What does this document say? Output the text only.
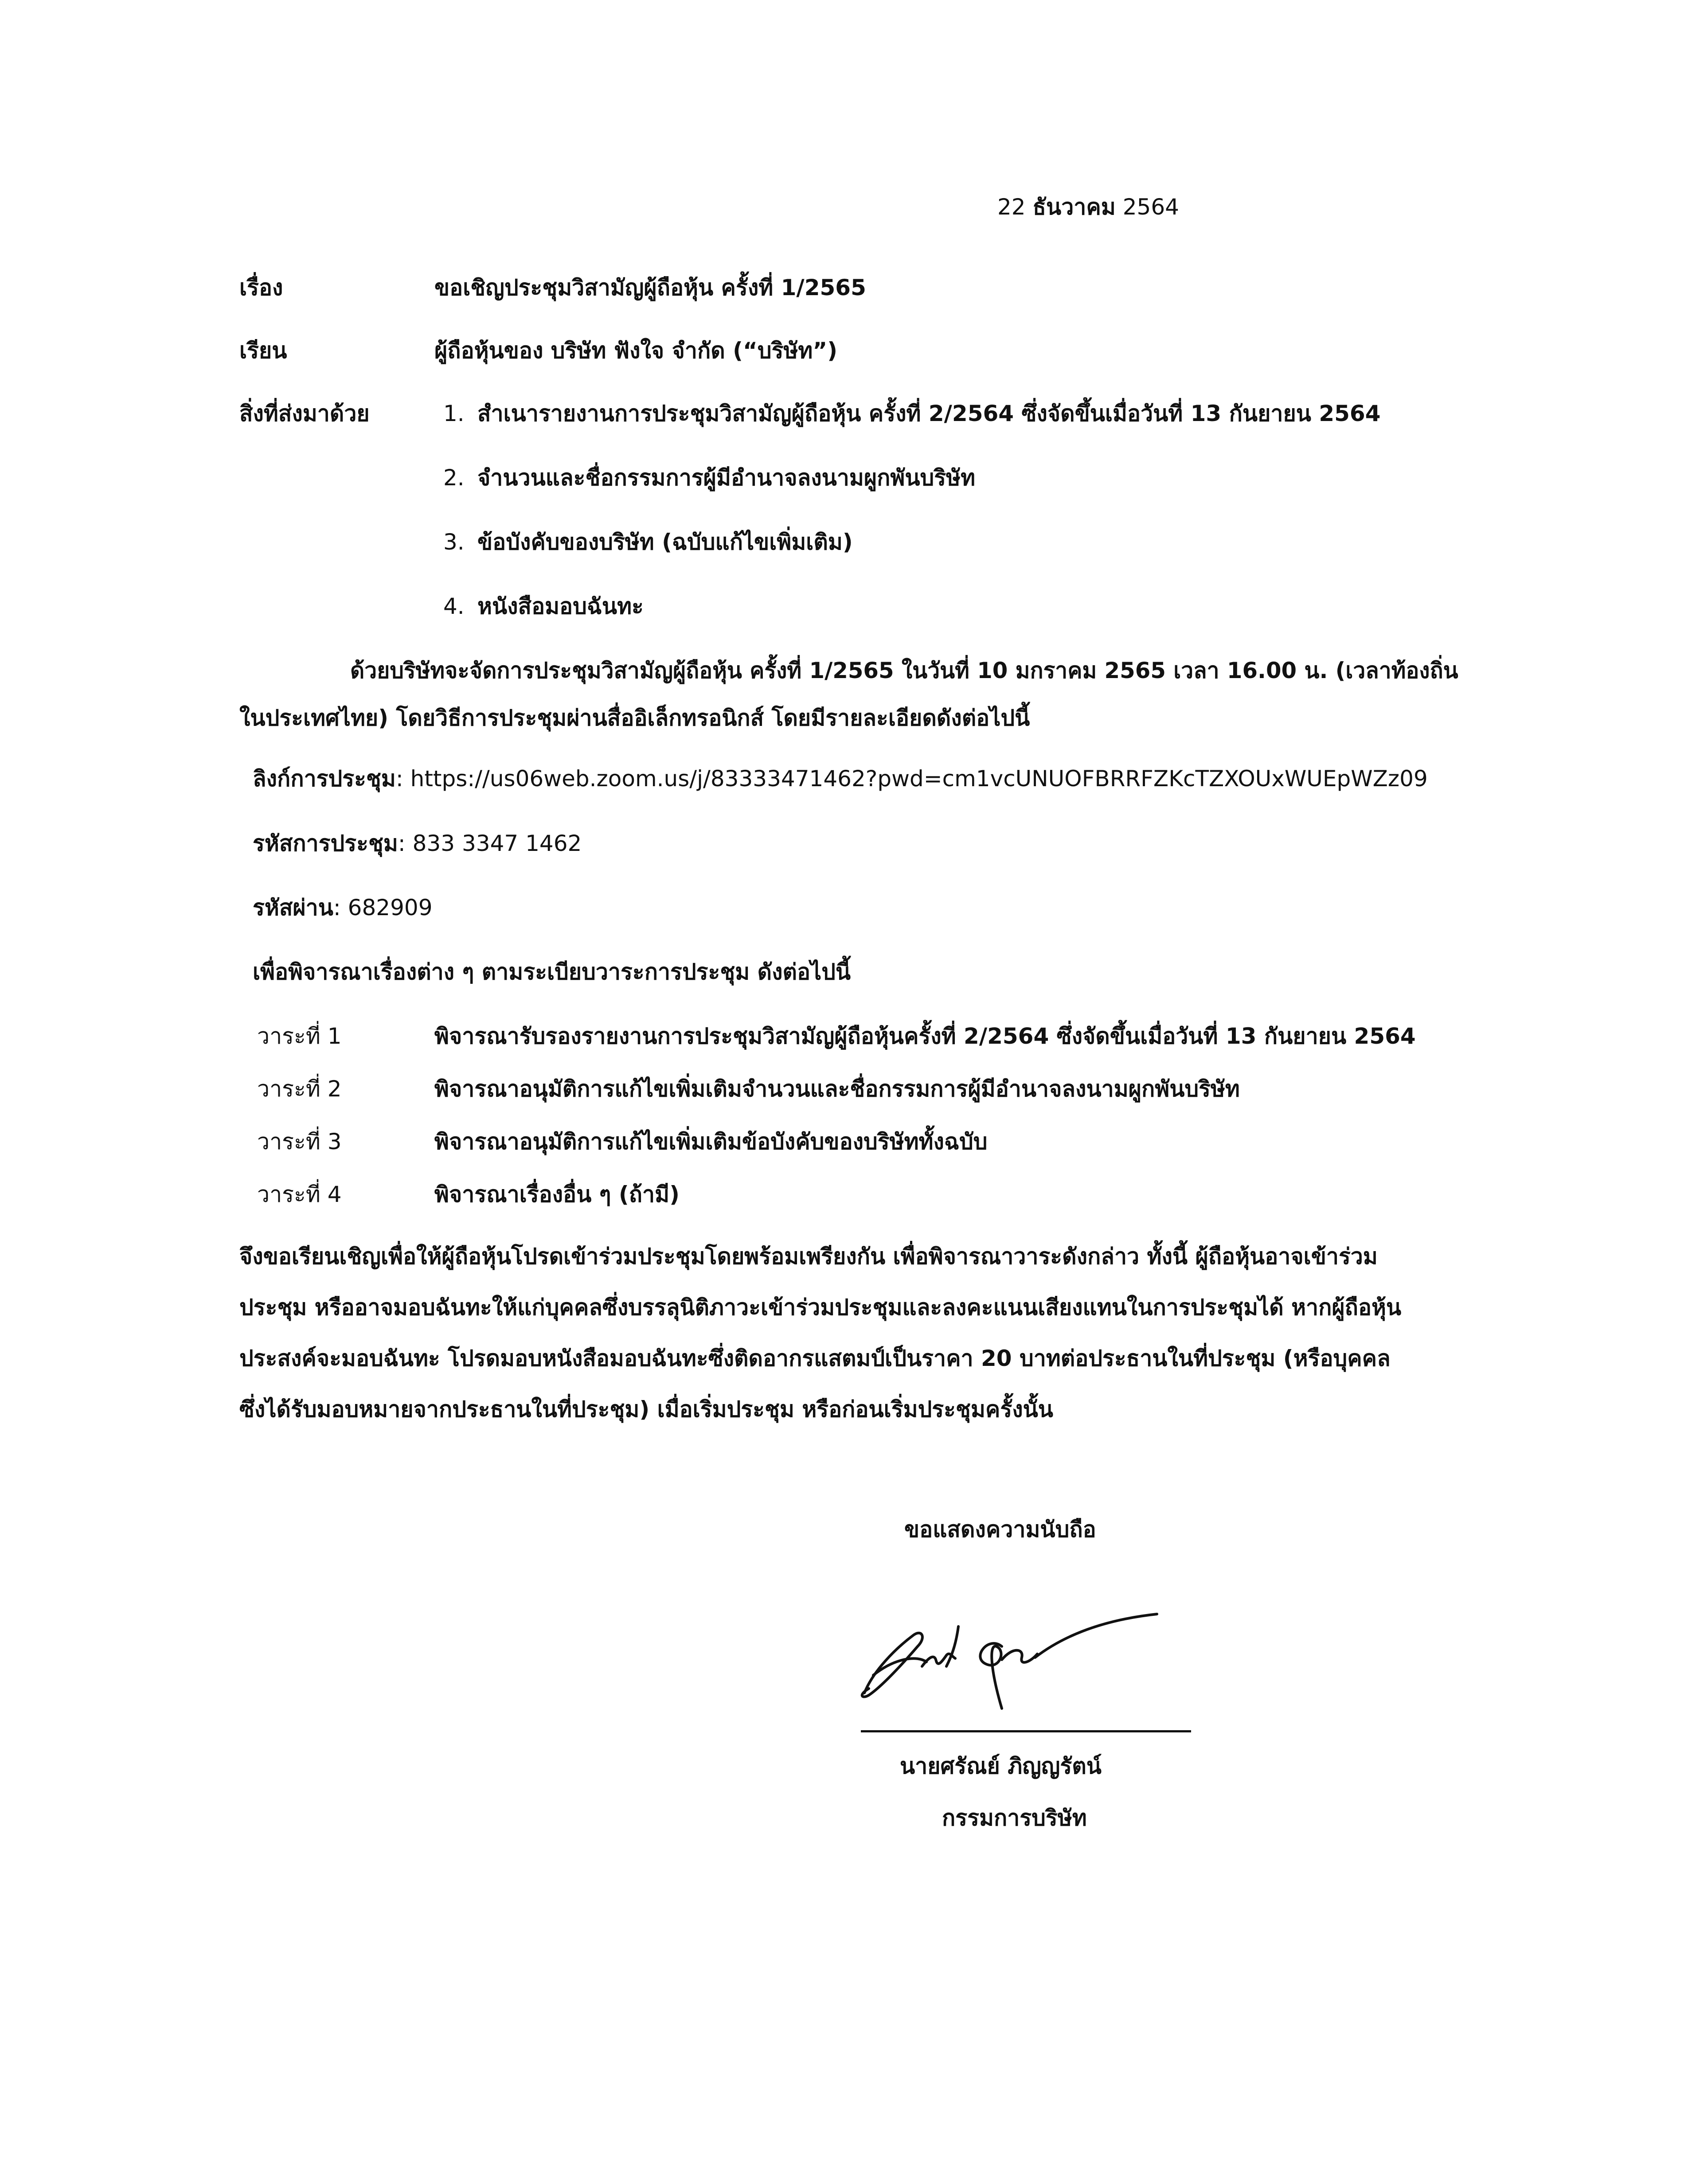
22 ธันวาคม 2564
เรื่อง	ขอเชิญประชุมวิสามัญผู้ถือหุ้น ครั้งที่ 1/2565
เรียน	ผู้ถือหุ้นของ บริษัท ฟังใจ จำกัด (“บริษัท”)
สิ่งที่ส่งมาด้วย	1. สำเนารายงานการประชุมวิสามัญผู้ถือหุ้น ครั้งที่ 2/2564 ซึ่งจัดขึ้นเมื่อวันที่ 13 กันยายน 2564
2. จำนวนและชื่อกรรมการผู้มีอำนาจลงนามผูกพันบริษัท
3. ข้อบังคับของบริษัท (ฉบับแก้ไขเพิ่มเติม)
4. หนังสือมอบฉันทะ
ด้วยบริษัทจะจัดการประชุมวิสามัญผู้ถือหุ้น ครั้งที่ 1/2565 ในวันที่ 10 มกราคม 2565 เวลา 16.00 น. (เวลาท้องถิ่น
ในประเทศไทย) โดยวิธีการประชุมผ่านสื่ออิเล็กทรอนิกส์ โดยมีรายละเอียดดังต่อไปนี้
ลิงก์การประชุม: https://us06web.zoom.us/j/83333471462?pwd=cm1vcUNUOFBRRFZKcTZXOUxWUEpWZz09
รหัสการประชุม: 833 3347 1462
รหัสผ่าน: 682909
เพื่อพิจารณาเรื่องต่าง ๆ ตามระเบียบวาระการประชุม ดังต่อไปนี้
วาระที่ 1	พิจารณารับรองรายงานการประชุมวิสามัญผู้ถือหุ้นครั้งที่ 2/2564 ซึ่งจัดขึ้นเมื่อวันที่ 13 กันยายน 2564
วาระที่ 2	พิจารณาอนุมัติการแก้ไขเพิ่มเติมจำนวนและชื่อกรรมการผู้มีอำนาจลงนามผูกพันบริษัท
วาระที่ 3	พิจารณาอนุมัติการแก้ไขเพิ่มเติมข้อบังคับของบริษัททั้งฉบับ
วาระที่ 4	พิจารณาเรื่องอื่น ๆ (ถ้ามี)
จึงขอเรียนเชิญเพื่อให้ผู้ถือหุ้นโปรดเข้าร่วมประชุมโดยพร้อมเพรียงกัน เพื่อพิจารณาวาระดังกล่าว ทั้งนี้ ผู้ถือหุ้นอาจเข้าร่วม
ประชุม หรืออาจมอบฉันทะให้แก่บุคคลซึ่งบรรลุนิติภาวะเข้าร่วมประชุมและลงคะแนนเสียงแทนในการประชุมได้ หากผู้ถือหุ้น
ประสงค์จะมอบฉันทะ โปรดมอบหนังสือมอบฉันทะซึ่งติดอากรแสตมป์เป็นราคา 20 บาทต่อประธานในที่ประชุม (หรือบุคคล
ซึ่งได้รับมอบหมายจากประธานในที่ประชุม) เมื่อเริ่มประชุม หรือก่อนเริ่มประชุมครั้งนั้น
ขอแสดงความนับถือ
นายศรัณย์ ภิญญรัตน์
กรรมการบริษัท
